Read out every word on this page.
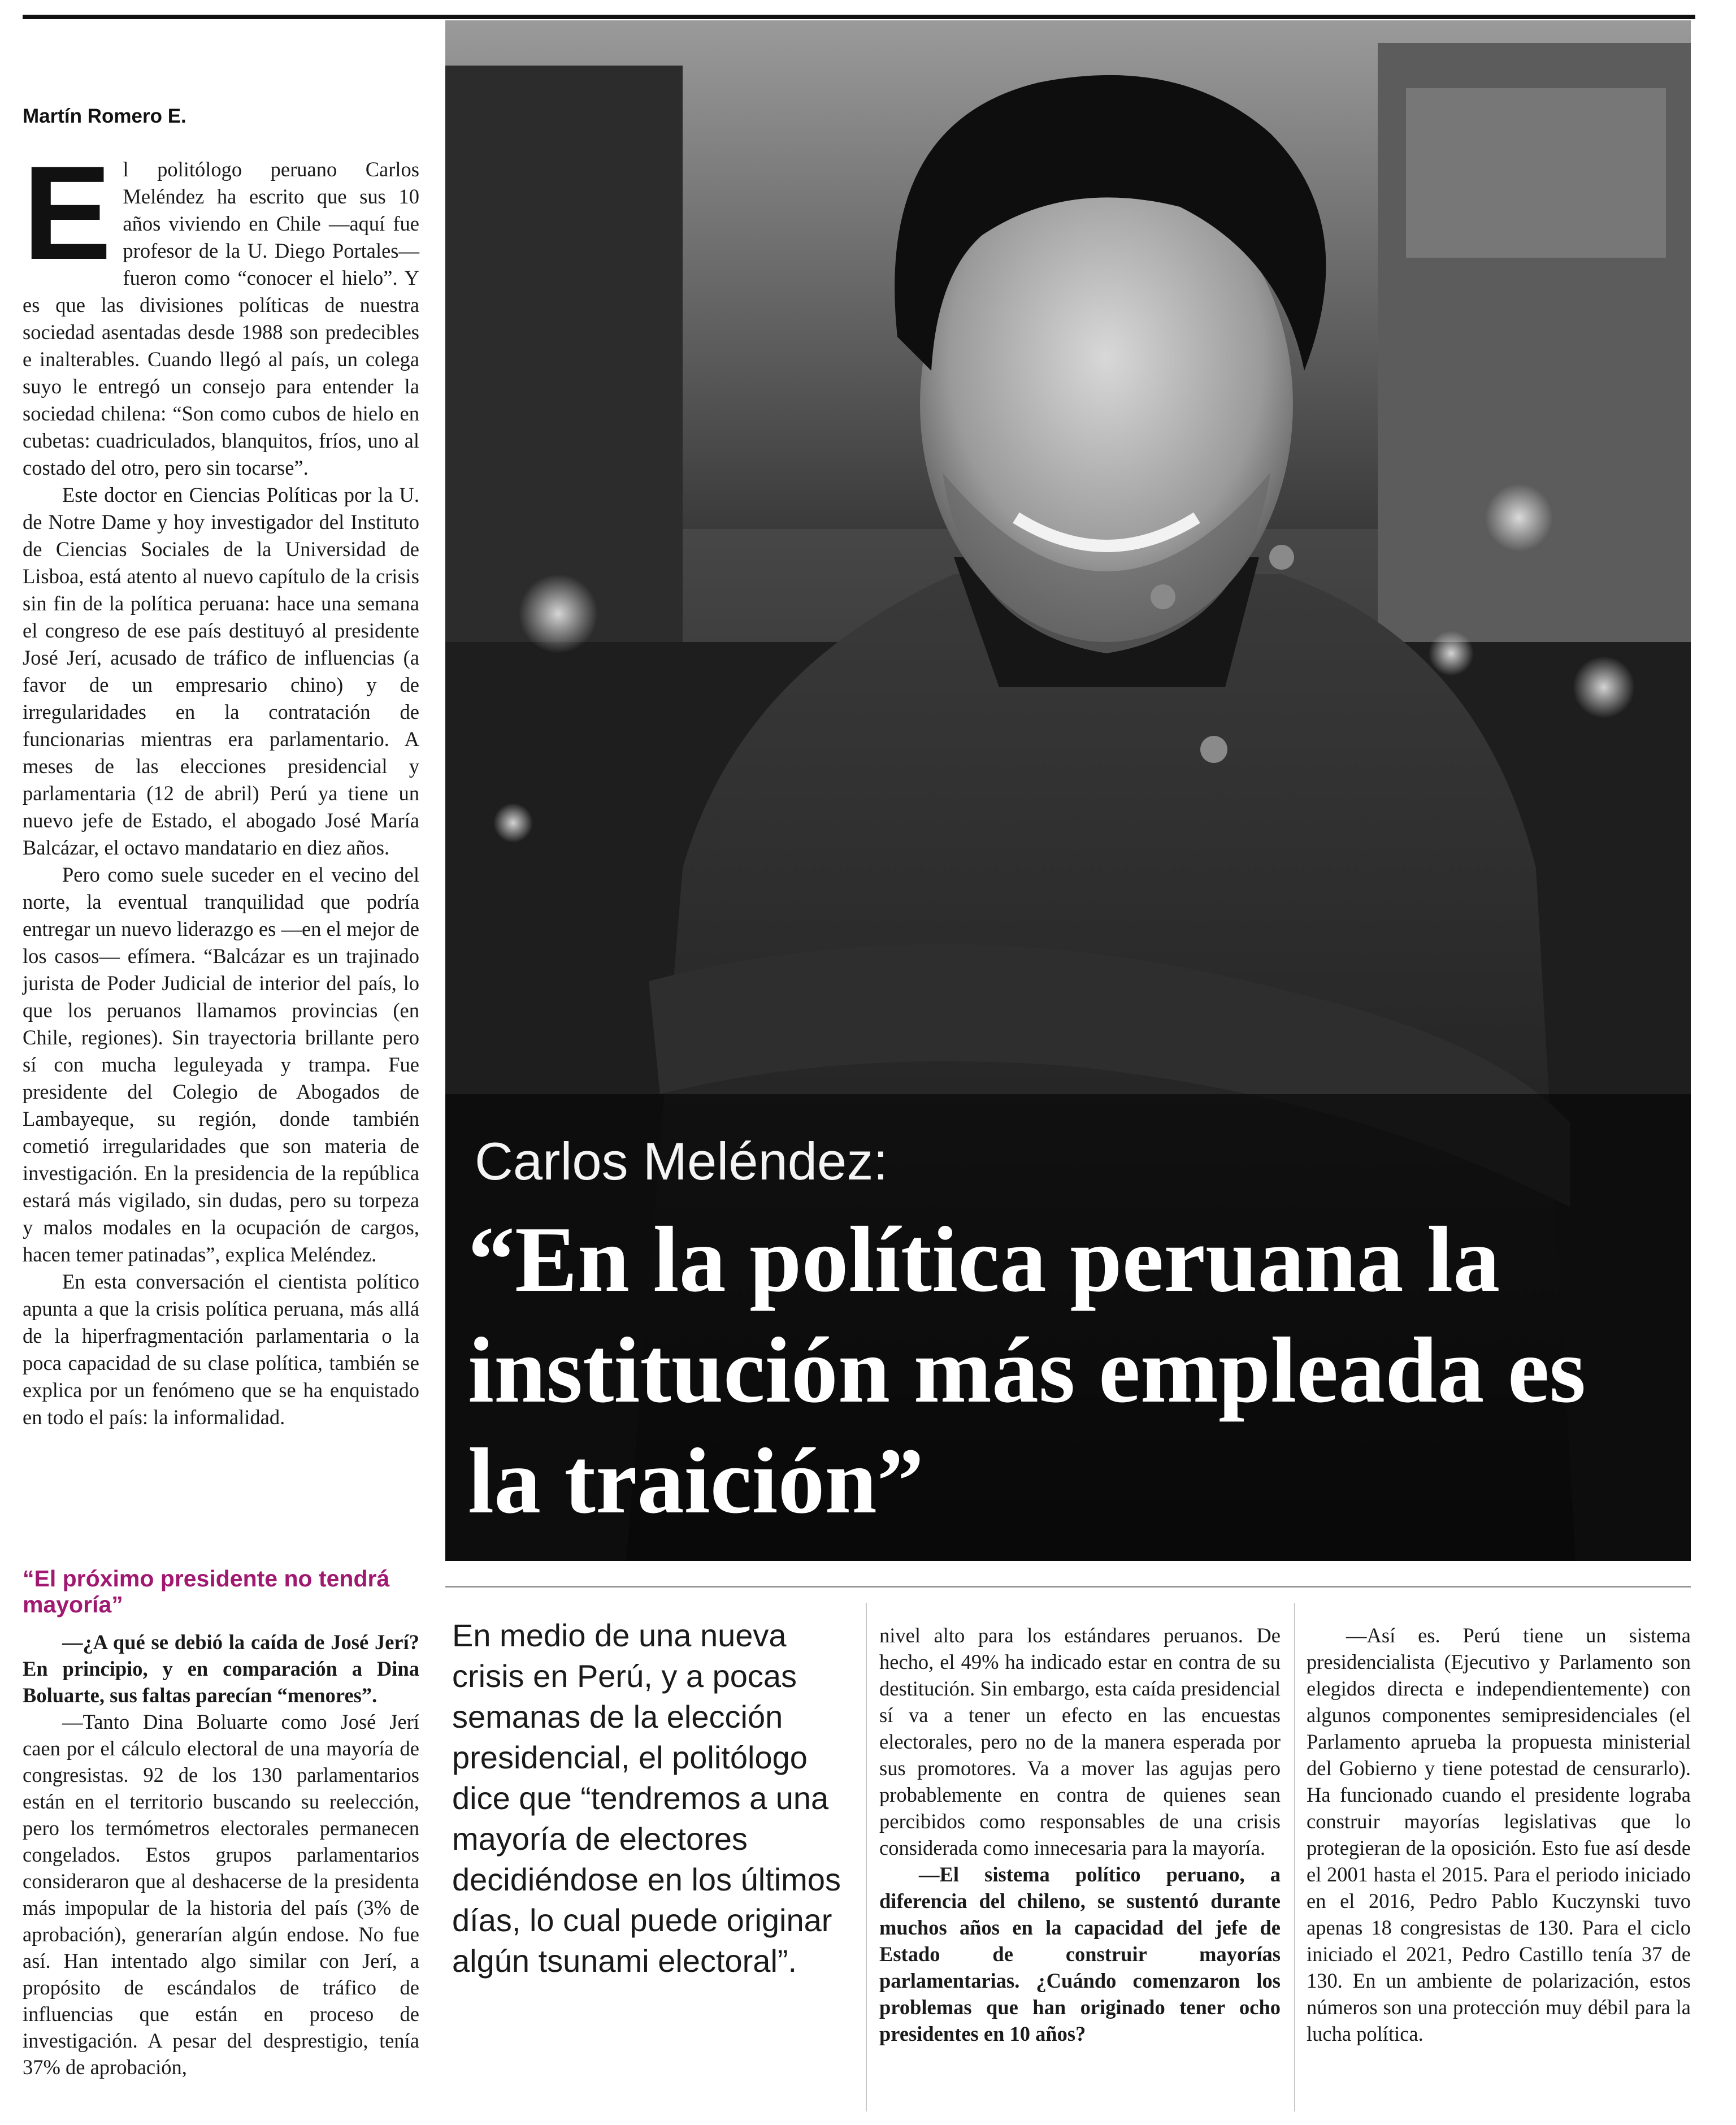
Martín Romero E.

El politólogo peruano Carlos Meléndez ha escrito que sus 10 años viviendo en Chile —aquí fue profesor de la U. Diego Portales— fueron como “conocer el hielo”. Y es que las divisiones políticas de nuestra sociedad asentadas desde 1988 son predecibles e inalterables. Cuando llegó al país, un colega suyo le entregó un consejo para entender la sociedad chilena: “Son como cubos de hielo en cubetas: cuadriculados, blanquitos, fríos, uno al costado del otro, pero sin tocarse”.

Este doctor en Ciencias Políticas por la U. de Notre Dame y hoy investigador del Instituto de Ciencias Sociales de la Universidad de Lisboa, está atento al nuevo capítulo de la crisis sin fin de la política peruana: hace una semana el congreso de ese país destituyó al presidente José Jerí, acusado de tráfico de influencias (a favor de un empresario chino) y de irregularidades en la contratación de funcionarias mientras era parlamentario. A meses de las elecciones presidencial y parlamentaria (12 de abril) Perú ya tiene un nuevo jefe de Estado, el abogado José María Balcázar, el octavo mandatario en diez años.

Pero como suele suceder en el vecino del norte, la eventual tranquilidad que podría entregar un nuevo liderazgo es —en el mejor de los casos— efímera. “Balcázar es un trajinado jurista de Poder Judicial de interior del país, lo que los peruanos llamamos provincias (en Chile, regiones). Sin trayectoria brillante pero sí con mucha leguleyada y trampa. Fue presidente del Colegio de Abogados de Lambayeque, su región, donde también cometió irregularidades que son materia de investigación. En la presidencia de la república estará más vigilado, sin dudas, pero su torpeza y malos modales en la ocupación de cargos, hacen temer patinadas”, explica Meléndez.

En esta conversación el cientista político apunta a que la crisis política peruana, más allá de la hiperfragmentación parlamentaria o la poca capacidad de su clase política, también se explica por un fenómeno que se ha enquistado en todo el país: la informalidad.

“El próximo presidente no tendrá mayoría”

—¿A qué se debió la caída de José Jerí? En principio, y en comparación a Dina Boluarte, sus faltas parecían “menores”.

—Tanto Dina Boluarte como José Jerí caen por el cálculo electoral de una mayoría de congresistas. 92 de los 130 parlamentarios están en el territorio buscando su reelección, pero los termómetros electorales permanecen congelados. Estos grupos parlamentarios consideraron que al deshacerse de la presidenta más impopular de la historia del país (3% de aprobación), generarían algún endose. No fue así. Han intentado algo similar con Jerí, a propósito de escándalos de tráfico de influencias que están en proceso de investigación. A pesar del desprestigio, tenía 37% de aprobación,

Carlos Meléndez:
“En la política peruana la institución más empleada es la traición”
En medio de una nueva crisis en Perú, y a pocas semanas de la elección presidencial, el politólogo dice que “tendremos a una mayoría de electores decidiéndose en los últimos días, lo cual puede originar algún tsunami electoral”.

nivel alto para los estándares peruanos. De hecho, el 49% ha indicado estar en contra de su destitución. Sin embargo, esta caída presidencial sí va a tener un efecto en las encuestas electorales, pero no de la manera esperada por sus promotores. Va a mover las agujas pero probablemente en contra de quienes sean percibidos como responsables de una crisis considerada como innecesaria para la mayoría.

—El sistema político peruano, a diferencia del chileno, se sustentó durante muchos años en la capacidad del jefe de Estado de construir mayorías parlamentarias. ¿Cuándo comenzaron los problemas que han originado tener ocho presidentes en 10 años?

—Así es. Perú tiene un sistema presidencialista (Ejecutivo y Parlamento son elegidos directa e independientemente) con algunos componentes semipresidenciales (el Parlamento aprueba la propuesta ministerial del Gobierno y tiene potestad de censurarlo). Ha funcionado cuando el presidente lograba construir mayorías legislativas que lo protegieran de la oposición. Esto fue así desde el 2001 hasta el 2015. Para el periodo iniciado en el 2016, Pedro Pablo Kuczynski tuvo apenas 18 congresistas de 130. Para el ciclo iniciado el 2021, Pedro Castillo tenía 37 de 130. En un ambiente de polarización, estos números son una protección muy débil para la lucha política.
